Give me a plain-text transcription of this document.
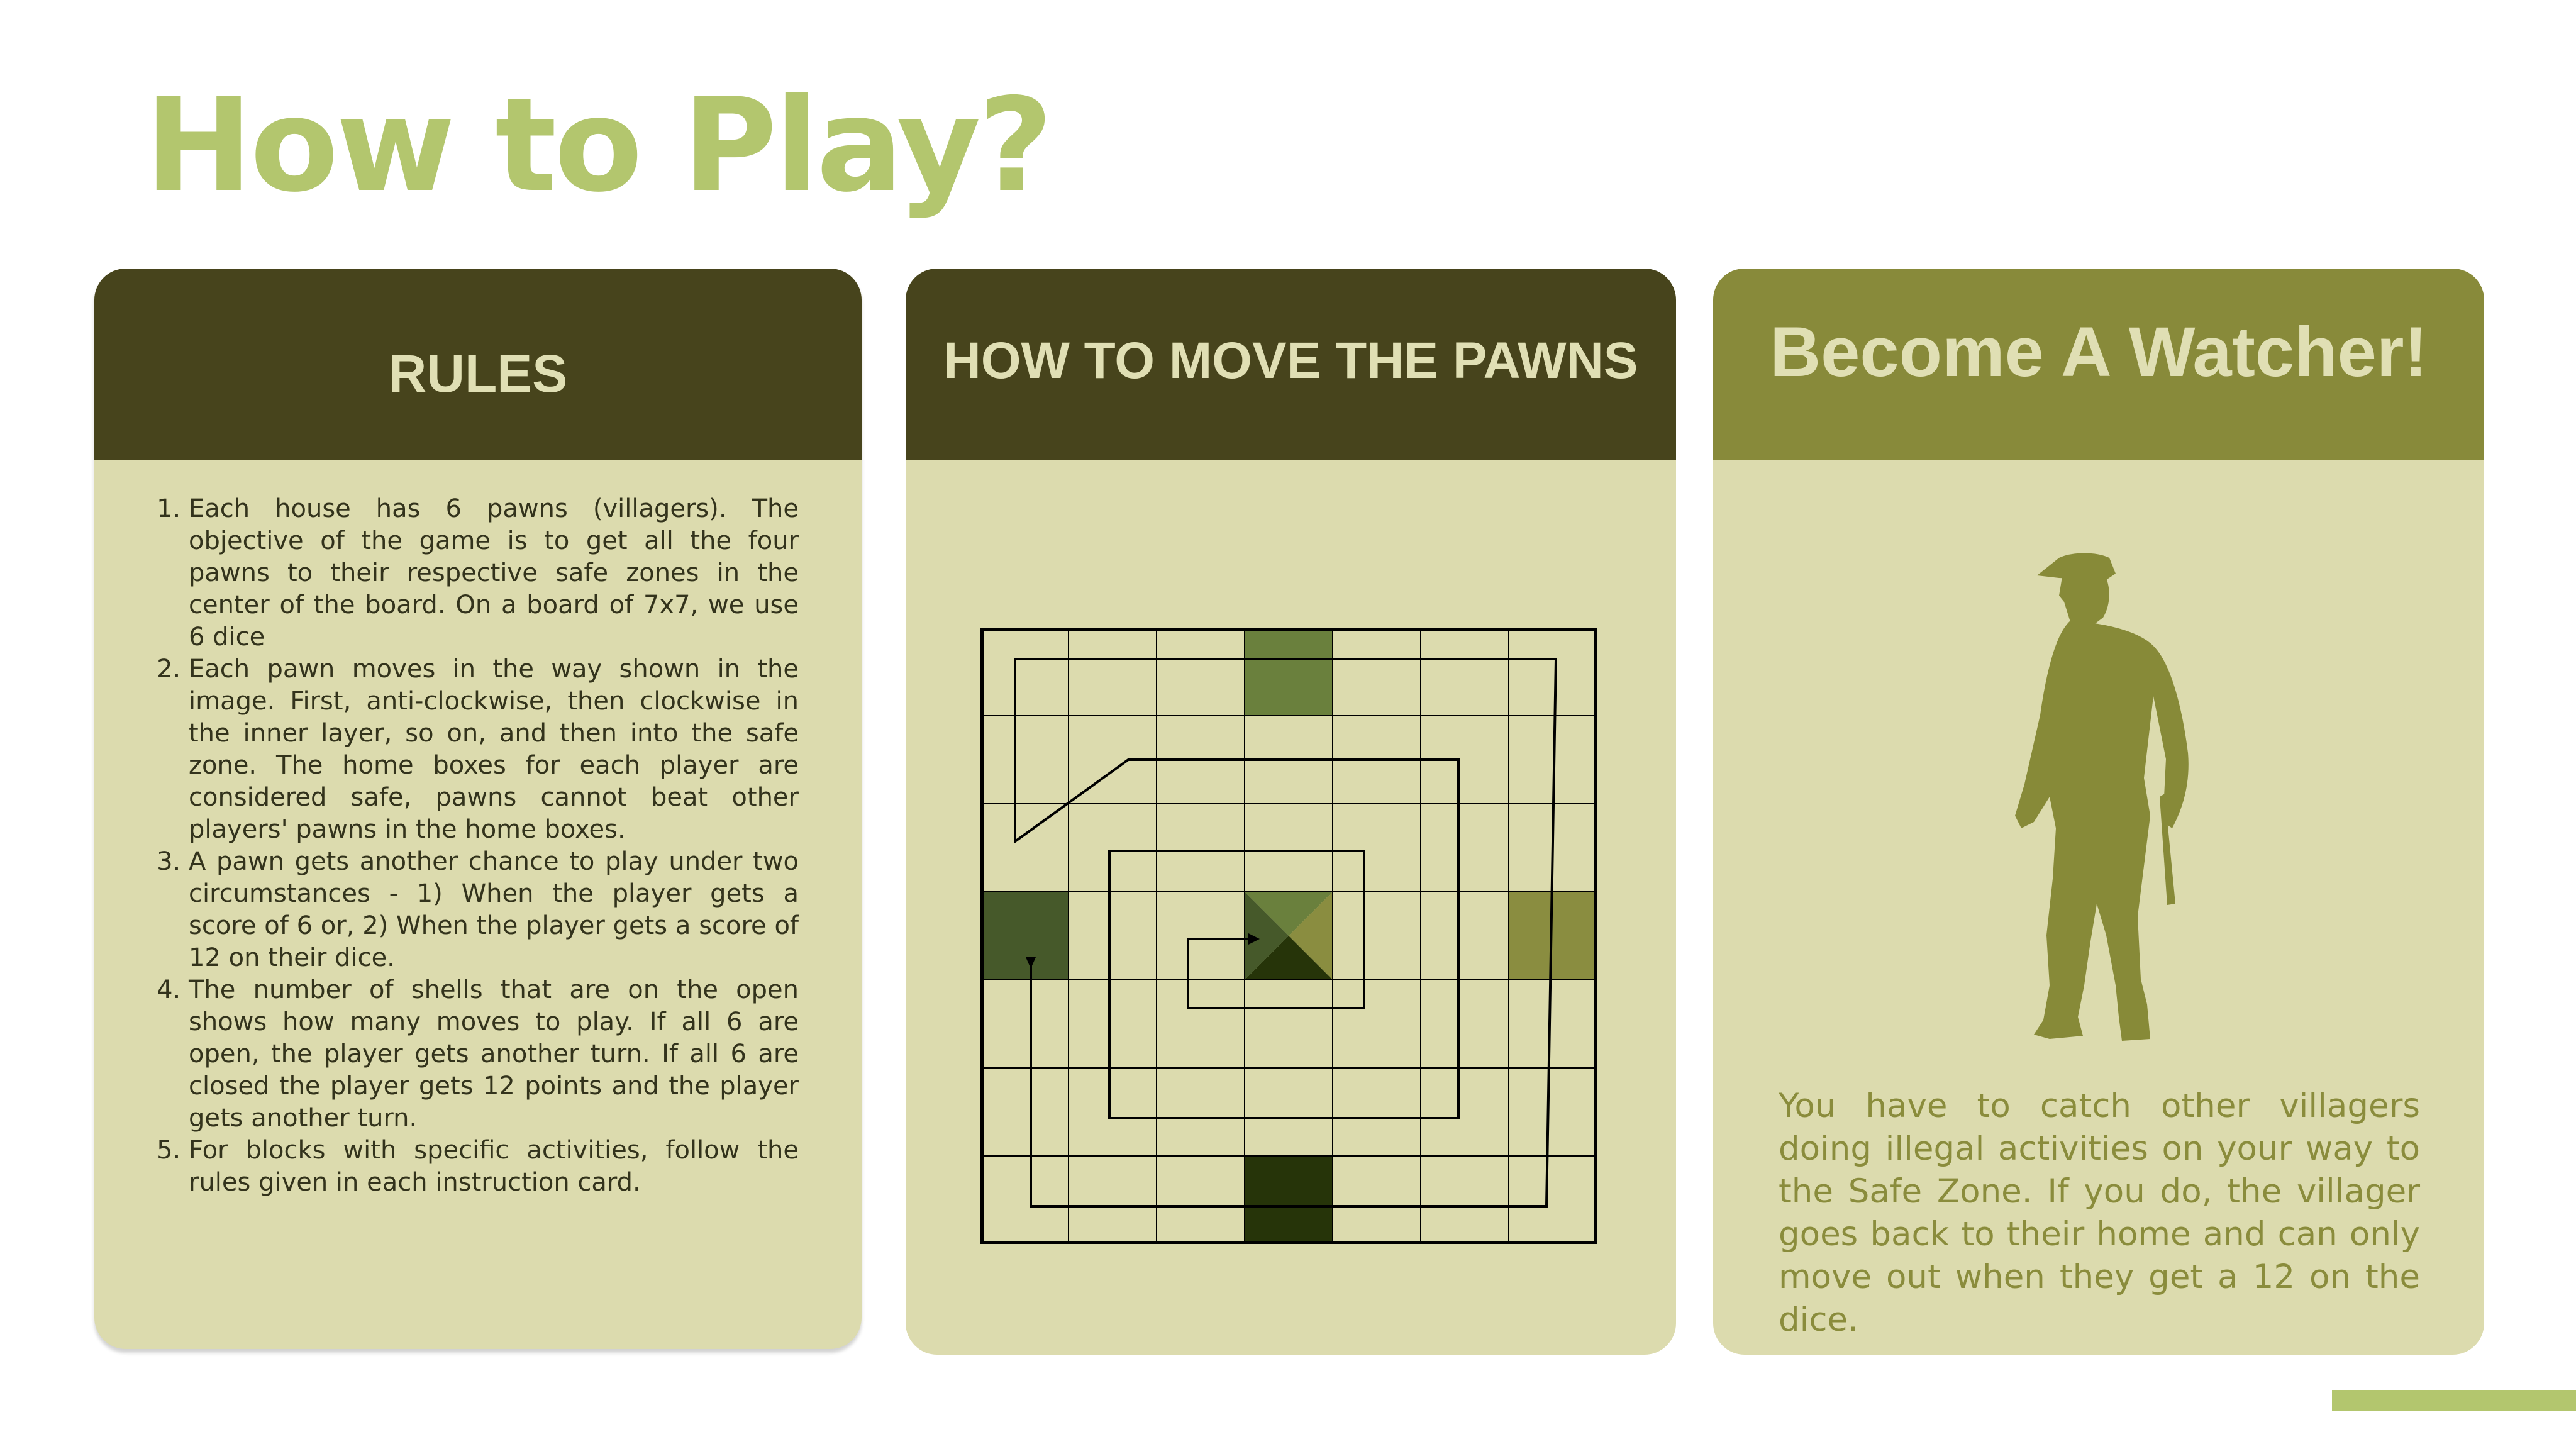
How to Play?
RULES
1. Each house has 6 pawns (villagers). The objective of the game is to get all the four pawns to their respective safe zones in the center of the board. On a board of 7x7, we use 6 dice
2. Each pawn moves in the way shown in the image. First, anti-clockwise, then clockwise in the inner layer, so on, and then into the safe zone. The home boxes for each player are considered safe, pawns cannot beat other players' pawns in the home boxes.
3. A pawn gets another chance to play under two circumstances - 1) When the player gets a score of 6 or, 2) When the player gets a score of 12 on their dice.
4. The number of shells that are on the open shows how many moves to play. If all 6 are open, the player gets another turn. If all 6 are closed the player gets 12 points and the player gets another turn.
5. For blocks with specific activities, follow the rules given in each instruction card.
HOW TO MOVE THE PAWNS	Become A Watcher!

You have to catch other villagers doing illegal activities on your way to the Safe Zone. If you do, the villager goes back to their home and can only move out when they get a 12 on the dice.
